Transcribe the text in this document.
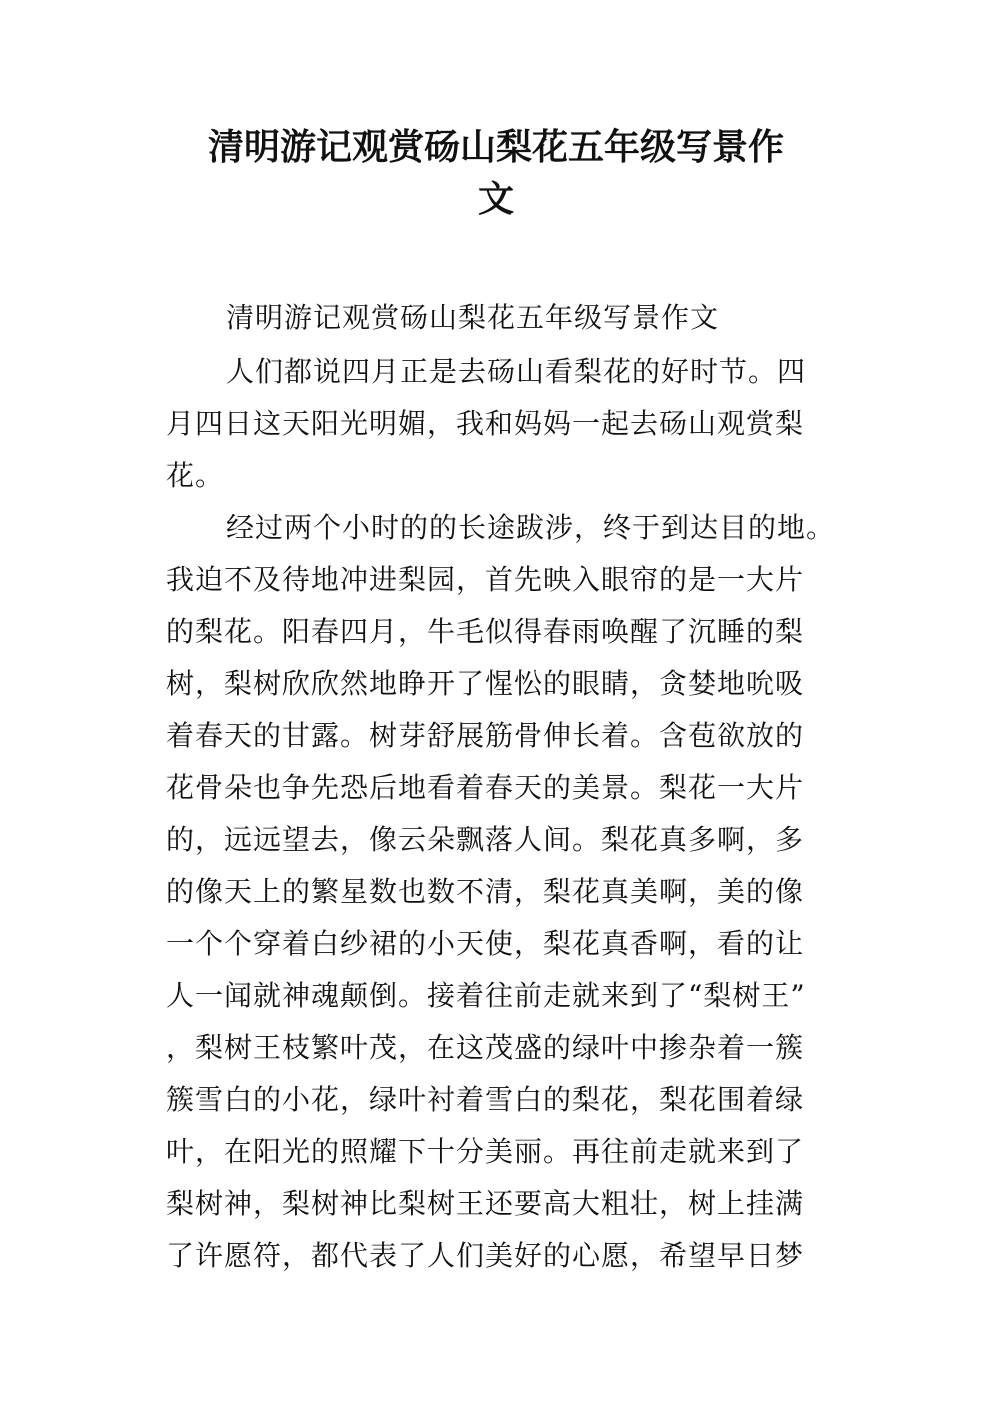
清明游记观赏砀山梨花五年级写景作
文

清明游记观赏砀山梨花五年级写景作文

人们都说四月正是去砀山看梨花的好时节。四

月四日这天阳光明媚，我和妈妈一起去砀山观赏梨

花。

经过两个小时的的长途跋涉，终于到达目的地。

我迫不及待地冲进梨园，首先映入眼帘的是一大片

的梨花。阳春四月，牛毛似得春雨唤醒了沉睡的梨

树，梨树欣欣然地睁开了惺忪的眼睛，贪婪地吮吸

着春天的甘露。树芽舒展筋骨伸长着。含苞欲放的

花骨朵也争先恐后地看着春天的美景。梨花一大片

的，远远望去，像云朵飘落人间。梨花真多啊，多

的像天上的繁星数也数不清，梨花真美啊，美的像

一个个穿着白纱裙的小天使，梨花真香啊，看的让

人一闻就神魂颠倒。接着往前走就来到了“梨树王”

，梨树王枝繁叶茂，在这茂盛的绿叶中掺杂着一簇

簇雪白的小花，绿叶衬着雪白的梨花，梨花围着绿

叶，在阳光的照耀下十分美丽。再往前走就来到了

梨树神，梨树神比梨树王还要高大粗壮，树上挂满

了许愿符，都代表了人们美好的心愿，希望早日梦
